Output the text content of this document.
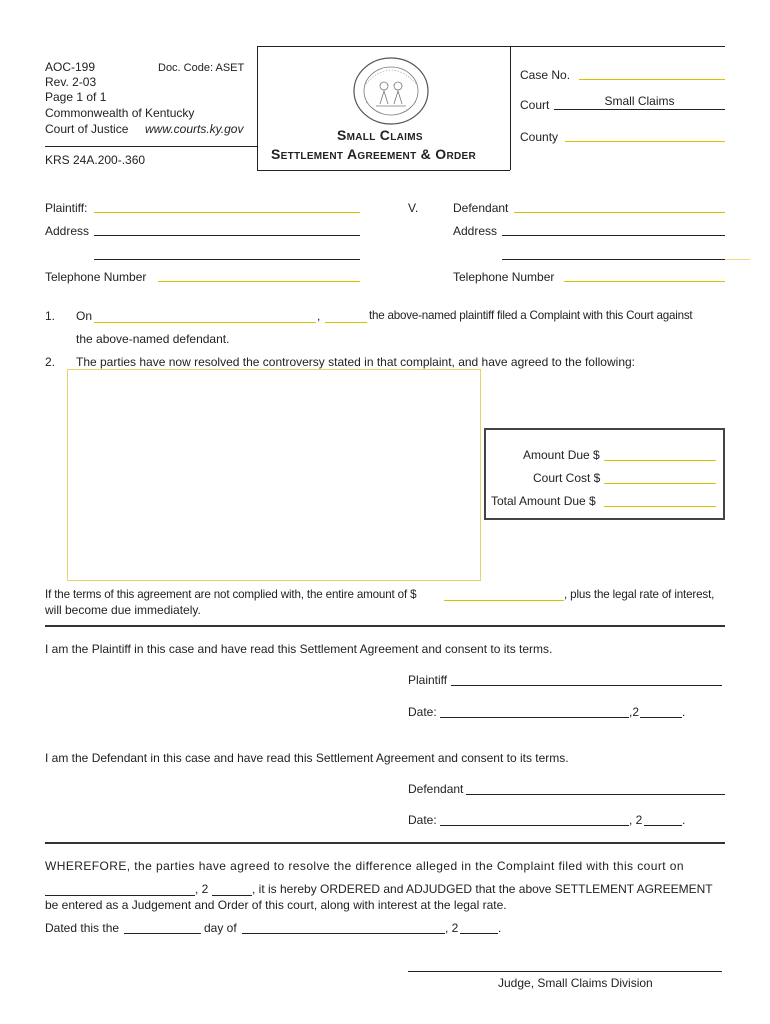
AOC-199	Doc. Code: ASET
Rev. 2-03
Page 1 of 1
Commonwealth of Kentucky
Court of Justice www.courts.ky.gov
KRS 24A.200-.360
Small Claims
Settlement Agreement & Order
Case No.
Court	Small Claims
County
Plaintiff:	V.	Defendant
Address	Address
Telephone Number	Telephone Number
1. On	,	the above-named plaintiff filed a Complaint with this Court against
the above-named defendant.
2. The parties have now resolved the controversy stated in that complaint, and have agreed to the following:
Amount Due $
Court Cost $
Total Amount Due $
If the terms of this agreement are not complied with, the entire amount of $	, plus the legal rate of interest,
will become due immediately.
I am the Plaintiff in this case and have read this Settlement Agreement and consent to its terms.
Plaintiff
Date:	,2	.
I am the Defendant in this case and have read this Settlement Agreement and consent to its terms.
Defendant
Date:	, 2	.
WHEREFORE, the parties have agreed to resolve the difference alleged in the Complaint filed with this court on
, 2	, it is hereby ORDERED and ADJUDGED that the above SETTLEMENT AGREEMENT
be entered as a Judgement and Order of this court, along with interest at the legal rate.
Dated this the	day of	, 2	.
Judge, Small Claims Division
